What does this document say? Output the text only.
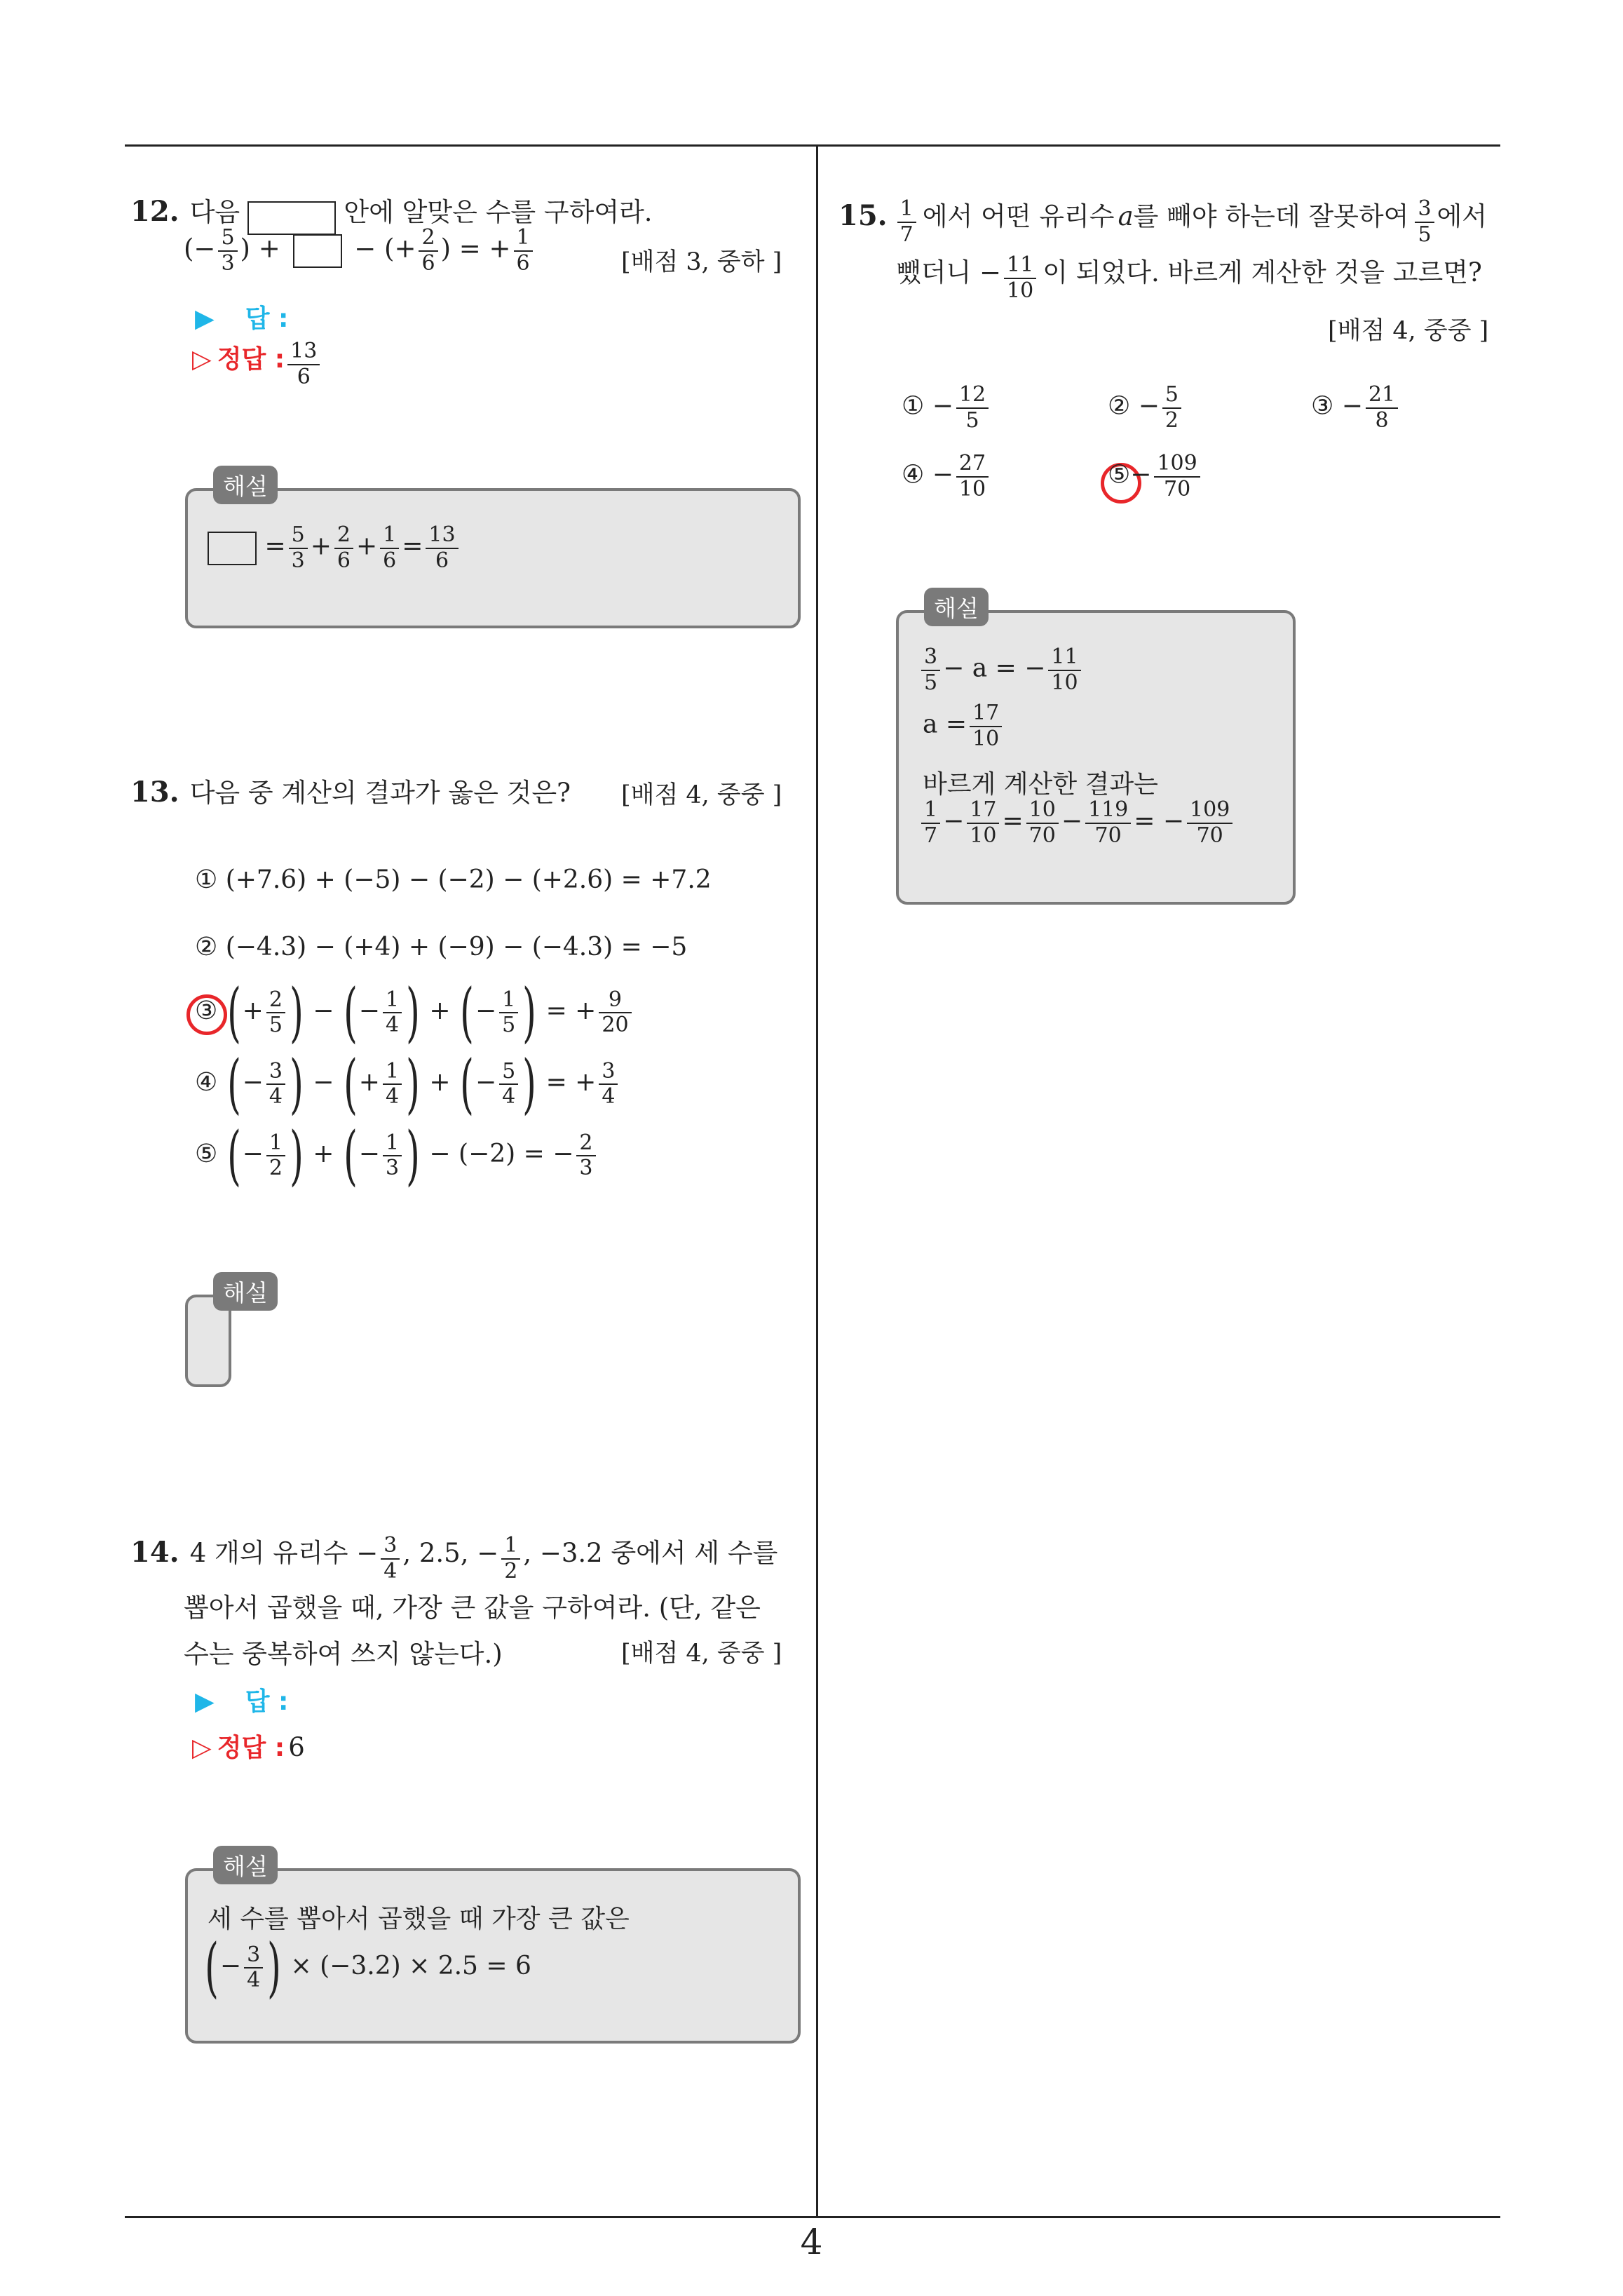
4
12. 다음	안에 알맞은 수를 구하여라.
(− $\frac{5}{3}$ ) +	− (+ $\frac{2}{6}$ ) = + $\frac{1}{6}$	[배점 3, 중하 ]
▶ 답 :
▷ 정답 : $\frac{13}{6}$
해설
= $\frac{5}{3} + \frac{2}{6} + \frac{1}{6} = \frac{13}{6}$
13. 다음 중 계산의 결과가 옳은 것은? [배점 4, 중중 ]
① (+7.6) + (−5) − (−2) − (+2.6) = +7.2
② (−4.3) − (+4) + (−9) − (−4.3) = −5
③ (+ $\frac{2}{5}$ ) − (− $\frac{1}{4}$ ) + (− $\frac{1}{5}$ ) = + $\frac{9}{20}$
④ (− $\frac{3}{4}$ ) − (+ $\frac{1}{4}$ ) + (− $\frac{5}{4}$ ) = + $\frac{3}{4}$
⑤ (− $\frac{1}{2}$ ) + (− $\frac{1}{3}$ ) − (−2) = − $\frac{2}{3}$
해설
14. 4 개의 유리수 − $\frac{3}{4}$ , 2.5, − $\frac{1}{2}$ , −3.2 중에서 세 수를
뽑아서 곱했을 때, 가장 큰 값을 구하여라. (단, 같은
수는 중복하여 쓰지 않는다.)	[배점 4, 중중 ]
▶ 답 :
▷ 정답 : 6
해설
세 수를 뽑아서 곱했을 때 가장 큰 값은
(− $\frac{3}{4}$ ) × (−3.2) × 2.5 = 6
15. $\frac{1}{7}$ 에서 어떤 유리수 a를 빼야 하는데 잘못하여 $\frac{3}{5}$ 에서
뺐더니 − $\frac{11}{10}$ 이 되었다. 바르게 계산한 것을 고르면?
[배점 4, 중중 ]
① − $\frac{12}{5}$	② − $\frac{5}{2}$	③ − $\frac{21}{8}$
④ − $\frac{27}{10}$	⑤− $\frac{109}{70}$
해설
$\frac{3}{5} - a$ = − $\frac{11}{10}$
$a = \frac{17}{10}$
바르게 계산한 결과는
$\frac{1}{7} - \frac{17}{10} = \frac{10}{70} - \frac{119}{70}$ = − $\frac{109}{70}$
